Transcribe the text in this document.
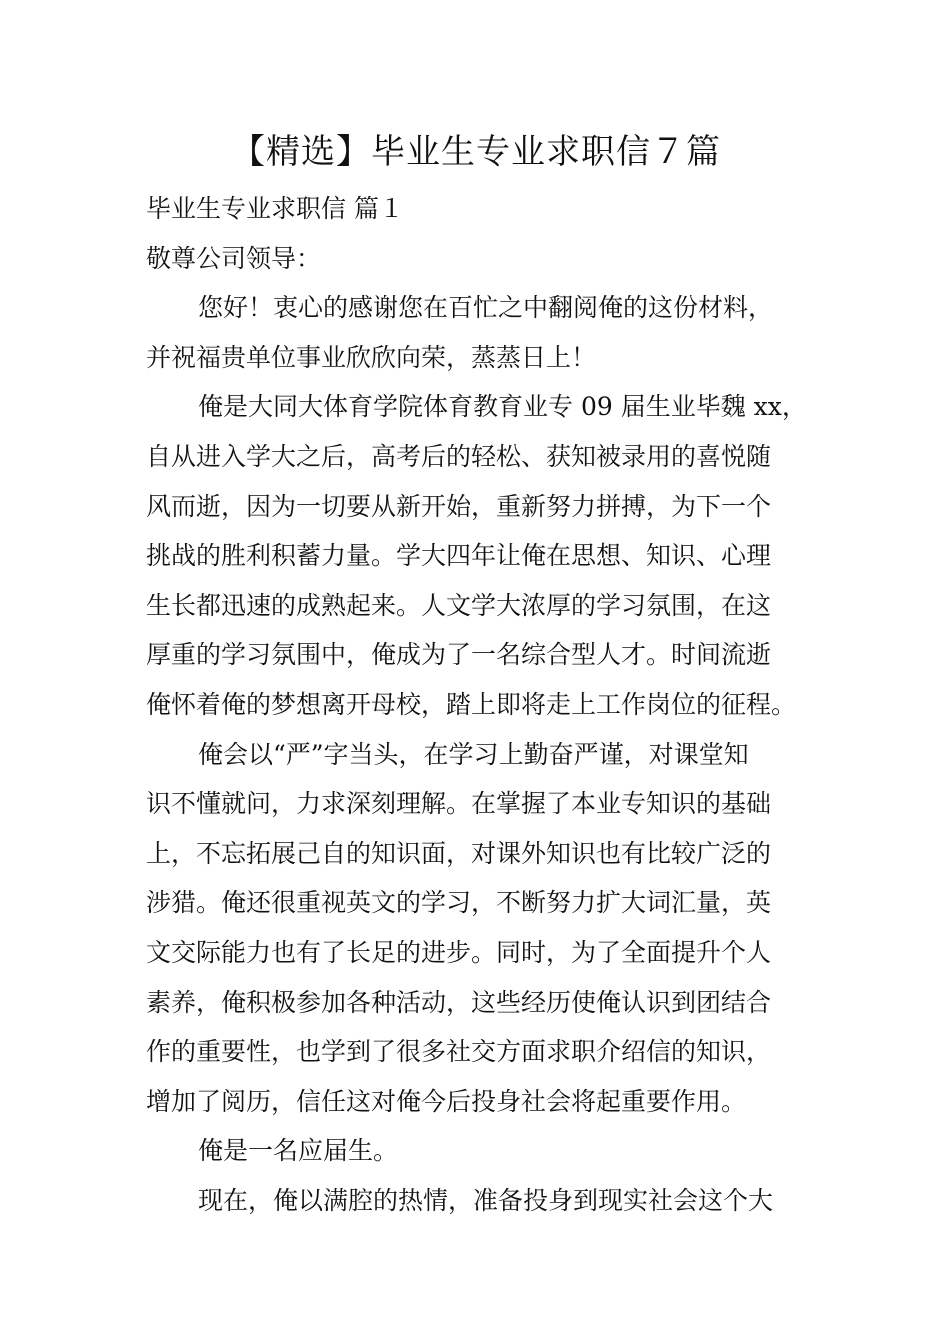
【精选】毕业生专业求职信７篇

毕业生专业求职信 篇１

敬尊公司领导：

您好！衷心的感谢您在百忙之中翻阅俺的这份材料，

并祝福贵单位事业欣欣向荣，蒸蒸日上！

俺是大同大体育学院体育教育业专 09 届生业毕魏 xx，

自从进入学大之后，高考后的轻松、获知被录用的喜悦随

风而逝，因为一切要从新开始，重新努力拼搏，为下一个

挑战的胜利积蓄力量。学大四年让俺在思想、知识、心理

生长都迅速的成熟起来。人文学大浓厚的学习氛围，在这

厚重的学习氛围中，俺成为了一名综合型人才。时间流逝

俺怀着俺的梦想离开母校，踏上即将走上工作岗位的征程。

俺会以“严”字当头，在学习上勤奋严谨，对课堂知

识不懂就问，力求深刻理解。在掌握了本业专知识的基础

上，不忘拓展己自的知识面，对课外知识也有比较广泛的

涉猎。俺还很重视英文的学习，不断努力扩大词汇量，英

文交际能力也有了长足的进步。同时，为了全面提升个人

素养，俺积极参加各种活动，这些经历使俺认识到团结合

作的重要性，也学到了很多社交方面求职介绍信的知识，

增加了阅历，信任这对俺今后投身社会将起重要作用。

俺是一名应届生。

现在，俺以满腔的热情，准备投身到现实社会这个大
